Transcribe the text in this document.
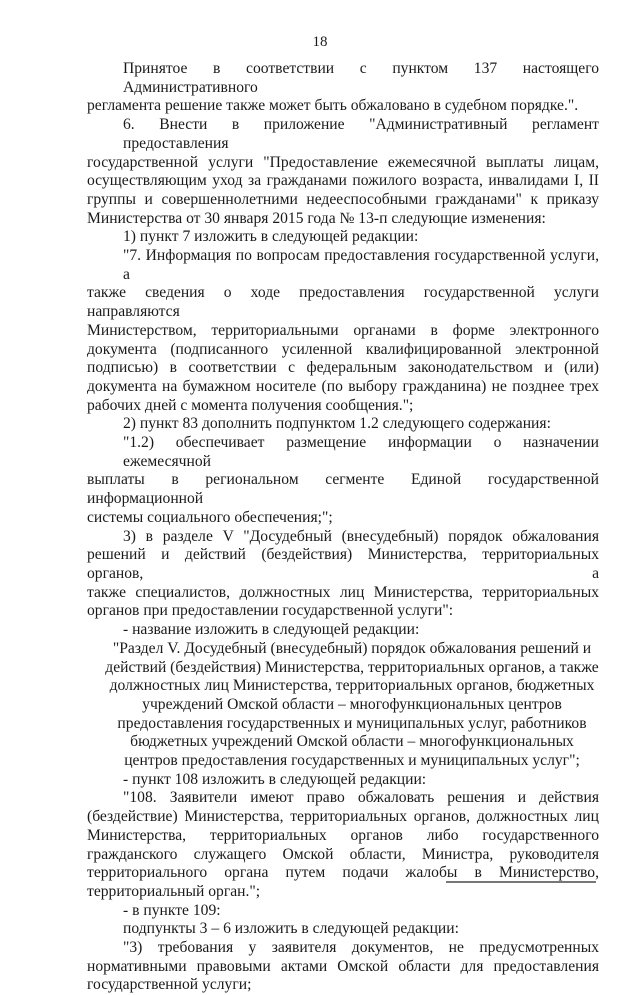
18
Принятое в соответствии с пунктом 137 настоящего Административного
регламента решение также может быть обжаловано в судебном порядке.".
6. Внести в приложение "Административный регламент предоставления
государственной услуги "Предоставление ежемесячной выплаты лицам,
осуществляющим уход за гражданами пожилого возраста, инвалидами I, II
группы и совершеннолетними недееспособными гражданами" к приказу
Министерства от 30 января 2015 года № 13-п следующие изменения:
1) пункт 7 изложить в следующей редакции:
"7. Информация по вопросам предоставления государственной услуги, а
также сведения о ходе предоставления государственной услуги направляются
Министерством, территориальными органами в форме электронного
документа (подписанного усиленной квалифицированной электронной
подписью) в соответствии с федеральным законодательством и (или)
документа на бумажном носителе (по выбору гражданина) не позднее трех
рабочих дней с момента получения сообщения.";
2) пункт 83 дополнить подпунктом 1.2 следующего содержания:
"1.2) обеспечивает размещение информации о назначении ежемесячной
выплаты в региональном сегменте Единой государственной информационной
системы социального обеспечения;";
3) в разделе V "Досудебный (внесудебный) порядок обжалования
решений и действий (бездействия) Министерства, территориальных органов, а
также специалистов, должностных лиц Министерства, территориальных
органов при предоставлении государственной услуги":
- название изложить в следующей редакции:
"Раздел V. Досудебный (внесудебный) порядок обжалования решений и
действий (бездействия) Министерства, территориальных органов, а также
должностных лиц Министерства, территориальных органов, бюджетных
учреждений Омской области – многофункциональных центров
предоставления государственных и муниципальных услуг, работников
бюджетных учреждений Омской области – многофункциональных
центров предоставления государственных и муниципальных услуг";
- пункт 108 изложить в следующей редакции:
"108. Заявители имеют право обжаловать решения и действия
(бездействие) Министерства, территориальных органов, должностных лиц
Министерства, территориальных органов либо государственного
гражданского служащего Омской области, Министра, руководителя
территориального органа путем подачи жалобы в Министерство,
территориальный орган.";
- в пункте 109:
подпункты 3 – 6 изложить в следующей редакции:
"3) требования у заявителя документов, не предусмотренных
нормативными правовыми актами Омской области для предоставления
государственной услуги;
